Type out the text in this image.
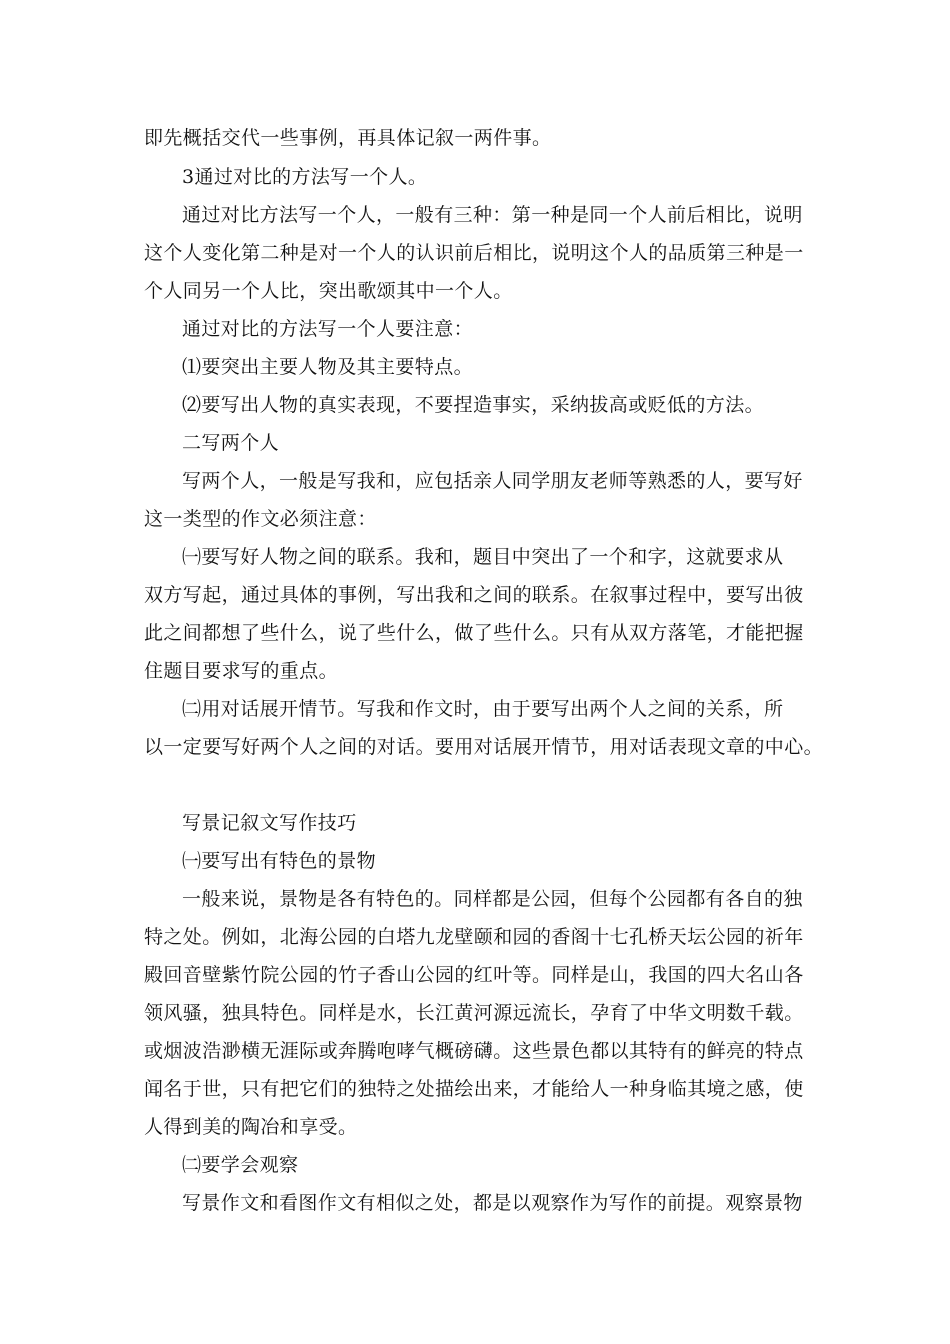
即先概括交代一些事例，再具体记叙一两件事。
3通过对比的方法写一个人。
通过对比方法写一个人，一般有三种：第一种是同一个人前后相比，说明
这个人变化第二种是对一个人的认识前后相比，说明这个人的品质第三种是一
个人同另一个人比，突出歌颂其中一个人。
通过对比的方法写一个人要注意：
⑴要突出主要人物及其主要特点。
⑵要写出人物的真实表现，不要捏造事实，采纳拔高或贬低的方法。
二写两个人
写两个人，一般是写我和，应包括亲人同学朋友老师等熟悉的人，要写好
这一类型的作文必须注意：
㈠要写好人物之间的联系。我和，题目中突出了一个和字，这就要求从
双方写起，通过具体的事例，写出我和之间的联系。在叙事过程中，要写出彼
此之间都想了些什么，说了些什么，做了些什么。只有从双方落笔，才能把握
住题目要求写的重点。
㈡用对话展开情节。写我和作文时，由于要写出两个人之间的关系，所
以一定要写好两个人之间的对话。要用对话展开情节，用对话表现文章的中心。
写景记叙文写作技巧
㈠要写出有特色的景物
一般来说，景物是各有特色的。同样都是公园，但每个公园都有各自的独
特之处。例如，北海公园的白塔九龙壁颐和园的香阁十七孔桥天坛公园的祈年
殿回音壁紫竹院公园的竹子香山公园的红叶等。同样是山，我国的四大名山各
领风骚，独具特色。同样是水，长江黄河源远流长，孕育了中华文明数千载。
或烟波浩渺横无涯际或奔腾咆哮气概磅礴。这些景色都以其特有的鲜亮的特点
闻名于世，只有把它们的独特之处描绘出来，才能给人一种身临其境之感，使
人得到美的陶冶和享受。
㈡要学会观察
写景作文和看图作文有相似之处，都是以观察作为写作的前提。观察景物
